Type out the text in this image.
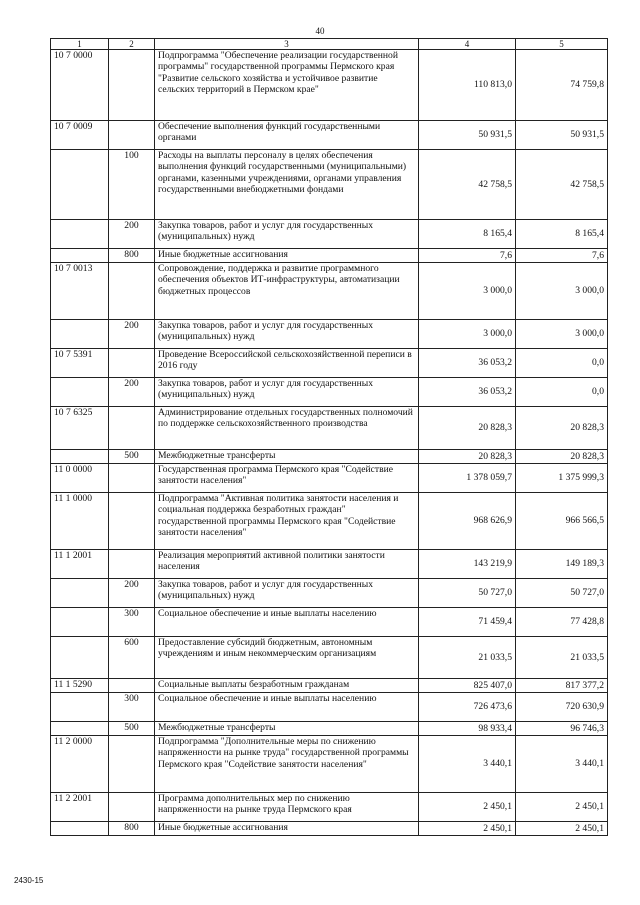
40
1	2	3	4	5
10 7 0000		Подпрограмма "Обеспечение реализации государственной программы" государственной программы Пермского края "Развитие сельского хозяйства и устойчивое развитие сельских территорий в Пермском крае"	110 813,0	74 759,8
10 7 0009		Обеспечение выполнения функций государственными органами	50 931,5	50 931,5
	100	Расходы на выплаты персоналу в целях обеспечения выполнения функций государственными (муниципальными) органами, казенными учреждениями, органами управления государственными внебюджетными фондами	42 758,5	42 758,5
	200	Закупка товаров, работ и услуг для государственных (муниципальных) нужд	8 165,4	8 165,4
	800	Иные бюджетные ассигнования	7,6	7,6
10 7 0013		Сопровождение, поддержка и развитие программного обеспечения объектов ИТ-инфраструктуры, автоматизации бюджетных процессов	3 000,0	3 000,0
	200	Закупка товаров, работ и услуг для государственных (муниципальных) нужд	3 000,0	3 000,0
10 7 5391		Проведение Всероссийской сельскохозяйственной переписи в 2016 году	36 053,2	0,0
	200	Закупка товаров, работ и услуг для государственных (муниципальных) нужд	36 053,2	0,0
10 7 6325		Администрирование отдельных государственных полномочий по поддержке сельскохозяйственного производства	20 828,3	20 828,3
	500	Межбюджетные трансферты	20 828,3	20 828,3
11 0 0000		Государственная программа Пермского края "Содействие занятости населения"	1 378 059,7	1 375 999,3
11 1 0000		Подпрограмма "Активная политика занятости населения и социальная поддержка безработных граждан" государственной программы Пермского края "Содействие занятости населения"	968 626,9	966 566,5
11 1 2001		Реализация мероприятий активной политики занятости населения	143 219,9	149 189,3
	200	Закупка товаров, работ и услуг для государственных (муниципальных) нужд	50 727,0	50 727,0
	300	Социальное обеспечение и иные выплаты населению	71 459,4	77 428,8
	600	Предоставление субсидий бюджетным, автономным учреждениям и иным некоммерческим организациям	21 033,5	21 033,5
11 1 5290		Социальные выплаты безработным гражданам	825 407,0	817 377,2
	300	Социальное обеспечение и иные выплаты населению	726 473,6	720 630,9
	500	Межбюджетные трансферты	98 933,4	96 746,3
11 2 0000		Подпрограмма "Дополнительные меры по снижению напряженности на рынке труда" государственной программы Пермского края "Содействие занятости населения"	3 440,1	3 440,1
11 2 2001		Программа дополнительных мер по снижению напряженности на рынке труда Пермского края	2 450,1	2 450,1
	800	Иные бюджетные ассигнования	2 450,1	2 450,1
2430-15
